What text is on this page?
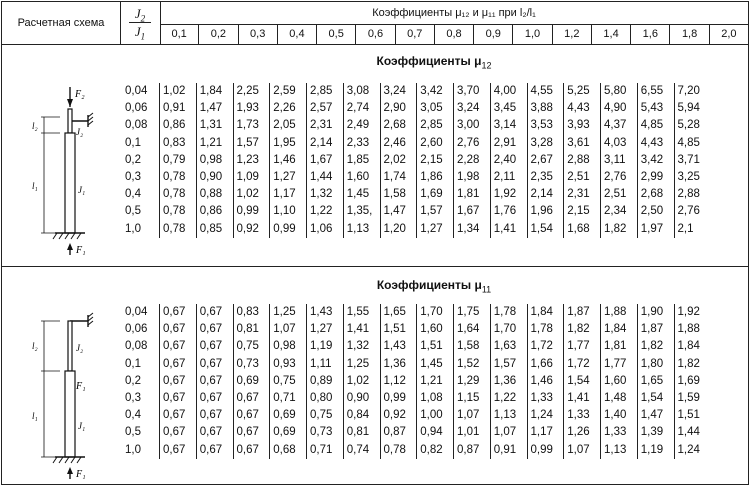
Расчетная схема
$J_2$
$J_1$
Коэффициенты μ₁₂ и μ₁₁ при l₂/l₁
0,1	0,2	0,3	0,4	0,5	0,6	0,7	0,8	0,9	1,0	1,2	1,4	1,6	1,8	2,0
Коэффициенты $\mu_{12}$
F₂
J₂
J₁
l₂
l₁
F₁
0,04	1,02	1,84	2,25	2,59	2,85	3,08	3,24	3,42	3,70	4,00	4,55	5,25	5,80	6,55	7,20
0,06	0,91	1,47	1,93	2,26	2,57	2,74	2,90	3,05	3,24	3,45	3,88	4,43	4,90	5,43	5,94
0,08	0,86	1,31	1,73	2,05	2,31	2,49	2,68	2,85	3,00	3,14	3,53	3,93	4,37	4,85	5,28
0,1	0,83	1,21	1,57	1,95	2,14	2,33	2,46	2,60	2,76	2,91	3,28	3,61	4,03	4,43	4,85
0,2	0,79	0,98	1,23	1,46	1,67	1,85	2,02	2,15	2,28	2,40	2,67	2,88	3,11	3,42	3,71
0,3	0,78	0,90	1,09	1,27	1,44	1,60	1,74	1,86	1,98	2,11	2,35	2,51	2,76	2,99	3,25
0,4	0,78	0,88	1,02	1,17	1,32	1,45	1,58	1,69	1,81	1,92	2,14	2,31	2,51	2,68	2,88
0,5	0,78	0,86	0,99	1,10	1,22	1,35, 1,47	1,57	1,67	1,76	1,96	2,15	2,34	2,50	2,76
1,0	0,78	0,85	0,92	0,99	1,06	1,13	1,20	1,27	1,34	1,41	1,54	1,68	1,82	1,97	2,1
Коэффициенты $\mu_{11}$
J₂
F₁
J₁
l₂
l₁
F₁
0,04	0,67	0,67	0,83	1,25	1,43	1,55	1,65	1,70	1,75	1,78	1,84	1,87	1,88	1,90	1,92
0,06	0,67	0,67	0,81	1,07	1,27	1,41	1,51	1,60	1,64	1,70	1,78	1,82	1,84	1,87	1,88
0,08	0,67	0,67	0,75	0,98	1,19	1,32	1,43	1,51	1,58	1,63	1,72	1,77	1,81	1,82	1,84
0,1	0,67	0,67	0,73	0,93	1,11	1,25	1,36	1,45	1,52	1,57	1,66	1,72	1,77	1,80	1,82
0,2	0,67	0,67	0,69	0,75	0,89	1,02	1,12	1,21	1,29	1,36	1,46	1,54	1,60	1,65	1,69
0,3	0,67	0,67	0,67	0,71	0,80	0,90	0,99	1,08	1,15	1,22	1,33	1,41	1,48	1,54	1,59
0,4	0,67	0,67	0,67	0,69	0,75	0,84	0,92	1,00	1,07	1,13	1,24	1,33	1,40	1,47	1,51
0,5	0,67	0,67	0,67	0,69	0,73	0,81	0,87	0,94	1,01	1,07	1,17	1,26	1,33	1,39	1,44
1,0	0,67	0,67	0,67	0,68	0,71	0,74	0,78	0,82	0,87	0,91	0,99	1,07	1,13	1,19	1,24
